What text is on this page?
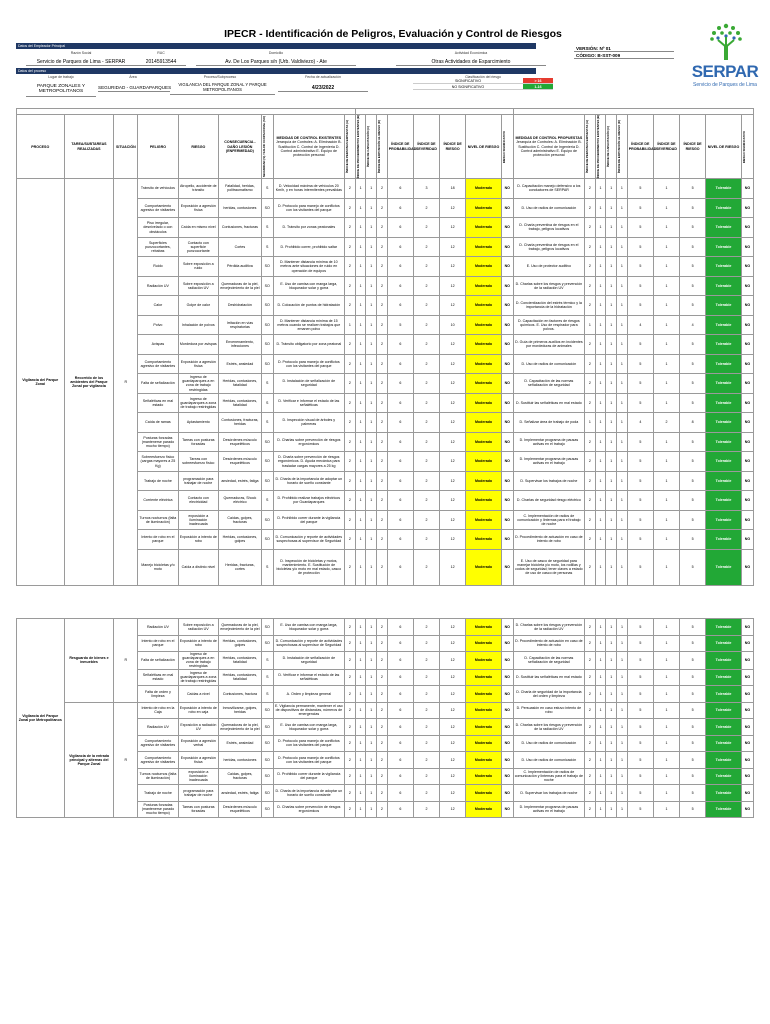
IPECR - Identificación de Peligros, Evaluación y Control de Riesgos
SERPAR
Servicio de Parques de Lima
Datos del Empleador Principal
Razón Social	RUC	Domicilio	Actividad Económica
Servicio de Parques de Lima - SERPAR	20145913544	Av. De Los Parques s/n (Urb. Valdiviezo) - Ate	Otras Actividades de Esparcimiento
VERSIÓN: Nº 01
CÓDIGO: B-SST-009
Datos del proceso
Lugar de trabajo	Área	Proceso/Subproceso	Fecha de actualización	Clasificación del riesgo
PARQUE ZONALES Y METROPOLITANOS
SEGURIDAD - GUARDAPARQUES
VIGILANCIA DEL PARQUE ZONAL Y PARQUE METROPOLITANOS	4/23/2022
SIGNIFICATIVO	> 16
NO SIGNIFICATIVO	1-16
									Evaluación del riesgo								Evaluación del riesgo									
PROCESO	TAREA/SUBTAREAS REALIZADAS	SITUACIÓN	PELIGRO	RIESGO	CONSECUENCIA - DAÑO LESIÓN (ENFERMEDAD)	SEGURIDAD (S) / SALUD OCUPACIONAL (SO)	MEDIDAS DE CONTROL EXISTENTES
Jerarquía de Controles: A. Eliminación B. Sustitución C. Control de Ingeniería D. Control administrativo E. Equipo de protección personal	ÍNDICE DE PERSONAS EXPUESTAS (A)	ÍNDICE DE PROCEDIMIENTOS EXISTENTES (B)	ÍNDICE DE CAPACITACIÓN (C)	ÍNDICE DE EXPOSICIÓN AL RIESGO (D)	ÍNDICE DE PROBABILIDAD	ÍNDICE DE SEVERIDAD	ÍNDICE DE RIESGO	NIVEL DE RIESGO	RIESGO SIGNIFICATIVO	MEDIDAS DE CONTROL PROPUESTAS
Jerarquía de Controles: A. Eliminación B. Sustitución C. Control de Ingeniería D. Control administrativo E. Equipo de protección personal	ÍNDICE DE PERSONAS EXPUESTAS (A)	ÍNDICE DE PROCEDIMIENTOS EXISTENTES (B)	ÍNDICE DE CAPACITACIÓN (C)	ÍNDICE DE EXPOSICIÓN AL RIESGO (D)	ÍNDICE DE PROBABILIDAD	ÍNDICE DE SEVERIDAD	ÍNDICE DE RIESGO	NIVEL DE RIESGO	RIESGO SIGNIFICATIVO

Vigilancia del Parque Zonal	Recorrido de los ambientes del Parque Zonal por vigilancia	R	Tránsito de vehículos	Atropello, accidente de tránsito	Fatalidad, heridas, politraumatismo	S	D. Velocidad máxima de vehículos 20 Km/h, y en horas intermitentes prevalidas	2	1	1	2	6	3	18	Moderado	NO	D. Capacitación manejo defensivo a los conductores de SERPAR	2	1	1	1	5	1	5	Tolerable	NO
			Comportamiento agresivo de visitantes	Exposición a agresión física	heridas, contusiones	SO	D. Protocolo para manejo de conflictos con los visitantes del parque	2	1	1	2	6	2	12	Moderado	NO	D. Uso de radios de comunicación	2	1	1	1	5	1	5	Tolerable	NO
			Piso irregular, desnivelado o con obstáculos	Caída en mismo nivel	Contusiones, fracturas	S	D. Tránsito por zonas peatonales	2	1	1	2	6	2	12	Moderado	NO	D. Charla preventiva de riesgos en el trabajo, peligros locativos	2	1	1	1	5	1	5	Tolerable	NO
			Superficies punzocortantes, rebabas	Contacto con superficie punzocortante	Cortes	S	D. Prohibido correr, prohibido saltar	2	1	1	2	6	2	12	Moderado	NO	D. Charla preventiva de riesgos en el trabajo, peligros locativos	2	1	1	1	5	1	5	Tolerable	NO
			Ruido	Sobre exposición a ruido	Pérdida auditiva	SO	D. Mantener distancia mínima de 10 metros ante situaciones de ruido en operación de equipos	2	1	1	2	6	2	12	Moderado	NO	E. Uso de protector auditivo	2	1	1	1	5	1	5	Tolerable	NO
			Radiación UV	Sobre exposición a radiación UV	Quemaduras de la piel, envejecimiento de la piel	SO	E. Uso de camisa con manga larga, bloqueador solar y gorra	2	1	1	2	6	2	12	Moderado	NO	D. Charlas sobre los riesgos y prevención de la radiación UV	2	1	1	1	5	1	5	Tolerable	NO
			Calor	Golpe de calor	Deshidratación	SO	D. Colocación de puntos de hidratación	2	1	1	2	6	2	12	Moderado	NO	D. Concientización del estrés térmico y la importancia de la hidratación	2	1	1	1	5	1	5	Tolerable	NO
			Polvo	Inhalación de polvos	Irritación en vías respiratorias	SO	D. Mantener distancia mínima de 15 metros cuando se realicen trabajos que emanen polvo	1	1	1	2	5	2	10	Moderado	NO	D. Capacitación en factores de riesgos químicos. E. Uso de respirador para polvos.	1	1	1	1	4	1	4	Tolerable	NO
			Avispas	Mordedura por avispas	Envenenamiento, infecciones	SO	D. Tránsito obligatorio por zona peatonal	2	1	1	2	6	2	12	Moderado	NO	D. Guía de primeros auxilios en incidentes por mordeduras de animales	2	1	1	1	5	1	5	Tolerable	NO
			Comportamiento agresivo de visitantes	Exposición a agresión física	Estrés, ansiedad	SO	D. Protocolo para manejo de conflictos con los visitantes del parque	2	1	1	2	6	2	12	Moderado	NO	D. Uso de radios de comunicación	2	1	1	1	5	1	5	Tolerable	NO
			Falta de señalización	Ingreso de guardaparques a en zona de trabajo restringidas	Heridas, contusiones, fatalidad	S	D. Instalación de señalización de seguridad	2	1	1	2	6	2	12	Moderado	NO	D. Capacitación de las normas señalización de seguridad	2	1	1	1	5	1	5	Tolerable	NO
			Señaléticas en mal estado	Ingreso de guardaparques a zona de trabajo restringidas	Heridas, contusiones, fatalidad	S	D. Verificar e informar el estado de las señaléticas	2	1	1	2	6	2	12	Moderado	NO	D. Sustituir las señaléticas en mal estado	2	1	1	1	5	1	5	Tolerable	NO
			Caída de ramas	Aplastamiento	Contusiones, fracturas, heridas	S	D. Inspección visual de árboles y palmeras	2	1	1	2	6	2	12	Moderado	NO	D. Señalizar área de trabajo de poda	1	1	1	1	4	2	8	Tolerable	NO
			Posturas forzadas (mantenerse parado mucho tiempo)	Tareas con posturas forzadas	Desórdenes músculo esqueléticos	SO	D. Charlas sobre prevención de riesgos ergonómicos	2	1	1	2	6	2	12	Moderado	NO	D. Implementar programa de pausas activas en el trabajo	2	1	1	1	5	1	5	Tolerable	NO
			Sobreesfuerzo físico (cargas mayores a 25 Kg)	Tareas con sobreesfuerzo físico	Desórdenes músculo esqueléticos	SO	D. Charla sobre prevención de riesgos ergonómicos. D. Ayuda mecánica para trasladar cargas mayores a 25 kg	2	1	1	2	6	2	12	Moderado	NO	D. Implementar programa de pausas activas en el trabajo	2	1	1	1	5	1	5	Tolerable	NO
			Trabajo de noche	programación para trabajar de noche	ansiedad, estrés, fatiga	SO	D. Charla de la importancia de adoptar un horario de sueño constante	2	1	1	2	6	2	12	Moderado	NO	D. Supervisar los trabajos de noche	2	1	1	1	5	1	5	Tolerable	NO
			Corriente eléctrica	Contacto con electricidad	Quemaduras, Shock eléctrico	S	D. Prohibido realizar trabajos eléctricos por Guardaparques	2	1	1	2	6	2	12	Moderado	NO	D. Charlas de seguridad riesgo eléctrico	2	1	1	1	5	1	5	Tolerable	NO
			Turnos nocturnos (falta de iluminación)	exposición a iluminación inadecuada	Caídas, golpes, fracturas	SO	D. Prohibido correr durante la vigilancia del parque	2	1	1	2	6	2	12	Moderado	NO	C. Implementación de radios de comunicación y linternas para el trabajo de noche	2	1	1	1	5	1	5	Tolerable	NO
			Intento de robo en el parque	Exposición a intento de robo	Heridas, contusiones, golpes	SO	D. Comunicación y reporte de actividades sospechosas al supervisor de Seguridad	2	1	1	2	6	2	12	Moderado	NO	D. Procedimiento de actuación en caso de intento de robo	2	1	1	1	5	1	5	Tolerable	NO
			Manejo bicicletas y/o moto	Caída a distinto nivel	Heridas, fracturas, cortes	S	D. Inspección de bicicletas y motos, mantenimiento. E. Sustitución de bicicletas y/o moto en mal estado, casco de protección	2	1	1	2	6	2	12	Moderado	NO	E. Uso de casco de seguridad para manejar bicicleta y/o moto, los rodillas y codos de seguridad; tener claves a estado de uso de casco de personas	2	1	1	1	5	1	5	Tolerable	NO
Vigilancia del Parque Zonal por Metropolitanos	Resguardo de bienes e inmuebles	R	Radiación UV	Sobre exposición a radiación UV	Quemaduras de la piel, envejecimiento de la piel	SO	E. Uso de camisa con manga larga, bloqueador solar y gorra	2	1	1	2	6	2	12	Moderado	NO	D. Charlas sobre los riesgos y prevención de la radiación UV	2	1	1	1	5	1	5	Tolerable	NO
			Intento de robo en el parque	Exposición a intento de robo	Heridas, contusiones, golpes	SO	D. Comunicación y reporte de actividades sospechosas al supervisor de Seguridad	2	1	1	2	6	2	12	Moderado	NO	D. Procedimiento de actuación en caso de intento de robo	2	1	1	1	5	1	5	Tolerable	NO
			Falta de señalización	Ingreso de guardaparques a en zona de trabajo restringidas	Heridas, contusiones, fatalidad	S	D. Instalación de señalización de seguridad	2	1	1	2	6	2	12	Moderado	NO	D. Capacitación de las normas señalización de seguridad	2	1	1	1	5	1	5	Tolerable	NO
			Señaléticas en mal estado	Ingreso de guardaparques a zona de trabajo restringidas	Heridas, contusiones, fatalidad	S	D. Verificar e informar el estado de las señaléticas	2	1	1	2	6	2	12	Moderado	NO	D. Sustituir las señaléticas en mal estado	2	1	1	1	5	1	5	Tolerable	NO
			Falta de orden y limpieza	Caídas a nivel	Contusiones, fractura	S	A. Orden y limpieza general	2	1	1	2	6	2	12	Moderado	NO	D. Charla de seguridad de la importancia del orden y limpieza	2	1	1	1	5	1	5	Tolerable	NO
	Vigilancia de la entrada principal y alternas del Parque Zonal	R	Intento de robo en la Caja	Exposición a intento de robo en caja	Inmovilizarse, golpes, heridas	SO	E. Vigilancia permanente, mantener el uso de dispositivos de distancias, números de emergencias	2	1	1	2	6	2	12	Moderado	NO	D. Persuasión en caso estuvo intento de robo	2	1	1	1	5	1	5	Tolerable	NO
			Radiación UV	Exposición a radiación UV	Quemaduras de la piel, envejecimiento de la piel	SO	E. Uso de camisa con manga larga, bloqueador solar y gorra	2	1	1	2	6	2	12	Moderado	NO	D. Charlas sobre los riesgos y prevención de la radiación UV	2	1	1	1	5	1	5	Tolerable	NO
			Comportamiento agresivo de visitantes	Exposición a agresión verbal	Estrés, ansiedad	SO	D. Protocolo para manejo de conflictos con los visitantes del parque	2	1	1	2	6	2	12	Moderado	NO	D. Uso de radios de comunicación	2	1	1	1	5	1	5	Tolerable	NO
			Comportamiento agresivo de visitantes	Exposición a agresión física	heridas, contusiones	SO	D. Protocolo para manejo de conflictos con los visitantes del parque	2	1	1	2	6	2	12	Moderado	NO	D. Uso de radios de comunicación	2	1	1	1	5	1	5	Tolerable	NO
			Turnos nocturnos (falta de iluminación)	exposición a iluminación inadecuada	Caídas, golpes, fracturas	SO	D. Prohibido correr durante la vigilancia del parque	2	1	1	2	6	2	12	Moderado	NO	C. Implementación de radios de comunicación y linternas para el trabajo de noche	2	1	1	1	5	1	5	Tolerable	NO
			Trabajo de noche	programación para trabajar de noche	ansiedad, estrés, fatiga	SO	D. Charla de la importancia de adoptar un horario de sueño constante	2	1	1	2	6	2	12	Moderado	NO	D. Supervisar los trabajos de noche	2	1	1	1	5	1	5	Tolerable	NO
			Posturas forzadas (mantenerse parado mucho tiempo)	Tareas con posturas forzadas	Desórdenes músculo esqueléticos	SO	D. Charlas sobre prevención de riesgos ergonómicos	2	1	1	2	6	2	12	Moderado	NO	D. Implementar programa de pausas activas en el trabajo	2	1	1	1	5	1	5	Tolerable	NO
